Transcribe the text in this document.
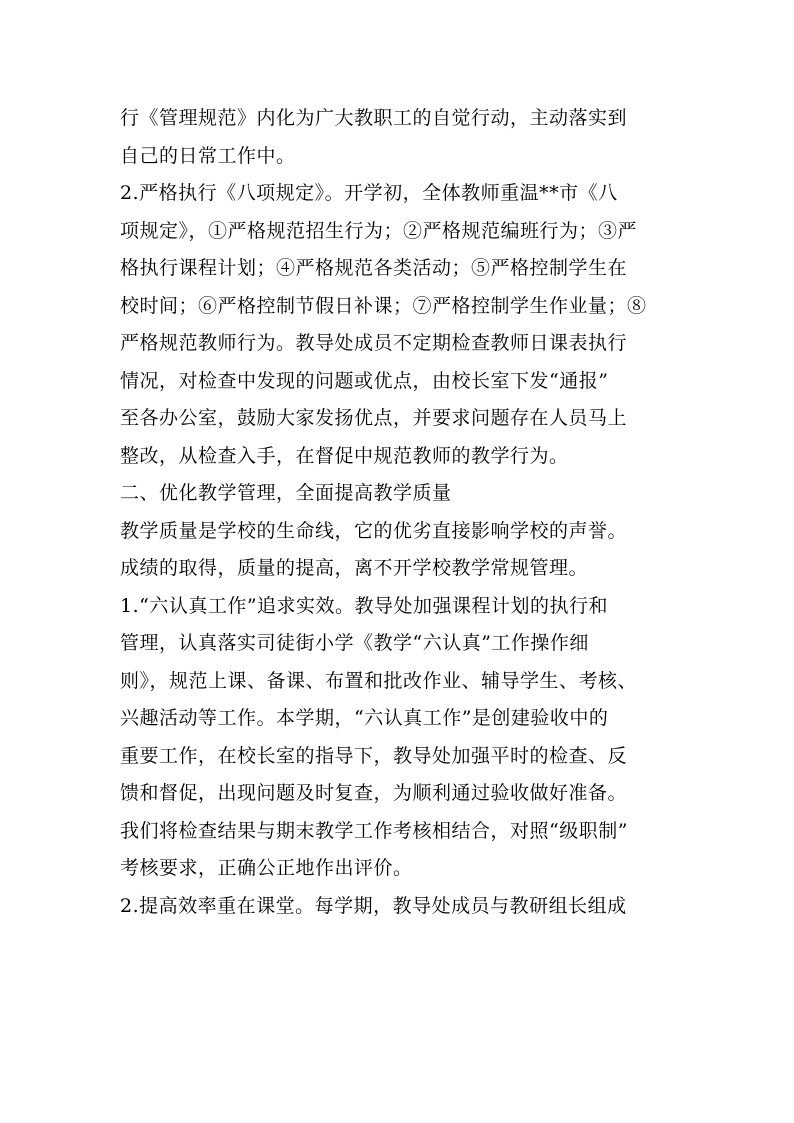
行《管理规范》内化为广大教职工的自觉行动，主动落实到
自己的日常工作中。
2.严格执行《八项规定》。开学初，全体教师重温**市《八
项规定》，①严格规范招生行为；②严格规范编班行为；③严
格执行课程计划；④严格规范各类活动；⑤严格控制学生在
校时间；⑥严格控制节假日补课；⑦严格控制学生作业量；⑧
严格规范教师行为。教导处成员不定期检查教师日课表执行
情况，对检查中发现的问题或优点，由校长室下发“通报”
至各办公室，鼓励大家发扬优点，并要求问题存在人员马上
整改，从检查入手，在督促中规范教师的教学行为。
二、优化教学管理，全面提高教学质量
教学质量是学校的生命线，它的优劣直接影响学校的声誉。
成绩的取得，质量的提高，离不开学校教学常规管理。
1.“六认真工作”追求实效。教导处加强课程计划的执行和
管理，认真落实司徒街小学《教学“六认真”工作操作细
则》，规范上课、备课、布置和批改作业、辅导学生、考核、
兴趣活动等工作。本学期，“六认真工作”是创建验收中的
重要工作，在校长室的指导下，教导处加强平时的检查、反
馈和督促，出现问题及时复查，为顺利通过验收做好准备。
我们将检查结果与期末教学工作考核相结合，对照“级职制”
考核要求，正确公正地作出评价。
2.提高效率重在课堂。每学期，教导处成员与教研组长组成
